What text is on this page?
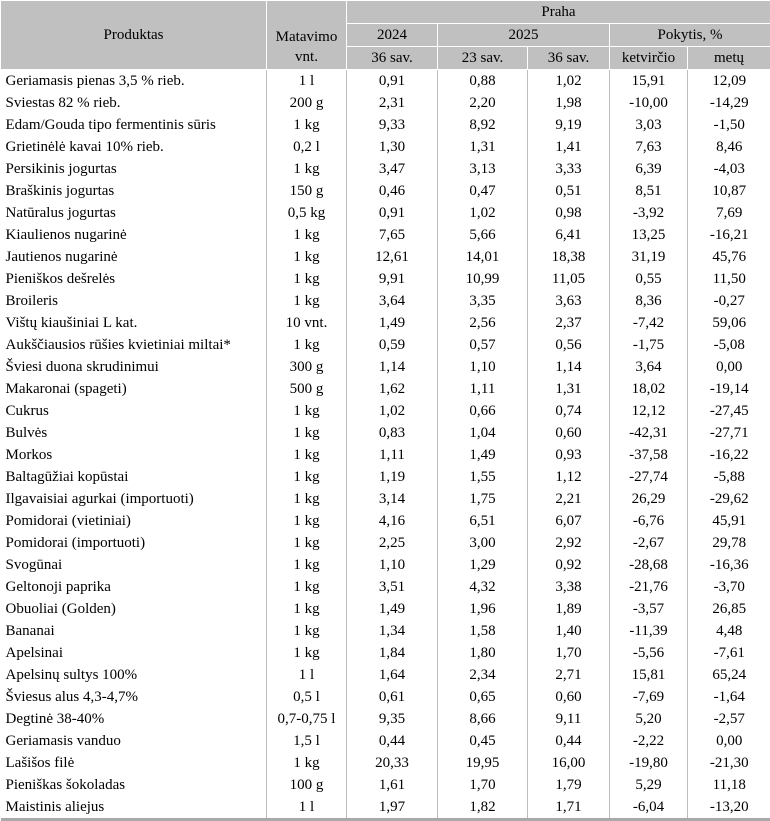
Produktas	Matavimo	Praha				
		2024	2025		Pokytis, %	
	vnt.	36 sav.	23 sav.	36 sav.	ketvirčio	metų
Geriamasis pienas 3,5 % rieb.	1 l	0,91	0,88	1,02	15,91	12,09
Sviestas 82 % rieb.	200 g	2,31	2,20	1,98	-10,00	-14,29
Edam/Gouda tipo fermentinis sūris	1 kg	9,33	8,92	9,19	3,03	-1,50
Grietinėlė kavai 10% rieb.	0,2 l	1,30	1,31	1,41	7,63	8,46
Persikinis jogurtas	1 kg	3,47	3,13	3,33	6,39	-4,03
Braškinis jogurtas	150 g	0,46	0,47	0,51	8,51	10,87
Natūralus jogurtas	0,5 kg	0,91	1,02	0,98	-3,92	7,69
Kiaulienos nugarinė	1 kg	7,65	5,66	6,41	13,25	-16,21
Jautienos nugarinė	1 kg	12,61	14,01	18,38	31,19	45,76
Pieniškos dešrelės	1 kg	9,91	10,99	11,05	0,55	11,50
Broileris	1 kg	3,64	3,35	3,63	8,36	-0,27
Vištų kiaušiniai L kat.	10 vnt.	1,49	2,56	2,37	-7,42	59,06
Aukščiausios rūšies kvietiniai miltai*	1 kg	0,59	0,57	0,56	-1,75	-5,08
Šviesi duona skrudinimui	300 g	1,14	1,10	1,14	3,64	0,00
Makaronai (spageti)	500 g	1,62	1,11	1,31	18,02	-19,14
Cukrus	1 kg	1,02	0,66	0,74	12,12	-27,45
Bulvės	1 kg	0,83	1,04	0,60	-42,31	-27,71
Morkos	1 kg	1,11	1,49	0,93	-37,58	-16,22
Baltagūžiai kopūstai	1 kg	1,19	1,55	1,12	-27,74	-5,88
Ilgavaisiai agurkai (importuoti)	1 kg	3,14	1,75	2,21	26,29	-29,62
Pomidorai (vietiniai)	1 kg	4,16	6,51	6,07	-6,76	45,91
Pomidorai (importuoti)	1 kg	2,25	3,00	2,92	-2,67	29,78
Svogūnai	1 kg	1,10	1,29	0,92	-28,68	-16,36
Geltonoji paprika	1 kg	3,51	4,32	3,38	-21,76	-3,70
Obuoliai (Golden)	1 kg	1,49	1,96	1,89	-3,57	26,85
Bananai	1 kg	1,34	1,58	1,40	-11,39	4,48
Apelsinai	1 kg	1,84	1,80	1,70	-5,56	-7,61
Apelsinų sultys 100%	1 l	1,64	2,34	2,71	15,81	65,24
Šviesus alus 4,3-4,7%	0,5 l	0,61	0,65	0,60	-7,69	-1,64
Degtinė 38-40%	0,7-0,75 l	9,35	8,66	9,11	5,20	-2,57
Geriamasis vanduo	1,5 l	0,44	0,45	0,44	-2,22	0,00
Lašišos filė	1 kg	20,33	19,95	16,00	-19,80	-21,30
Pieniškas šokoladas	100 g	1,61	1,70	1,79	5,29	11,18
Maistinis aliejus	1 l	1,97	1,82	1,71	-6,04	-13,20
